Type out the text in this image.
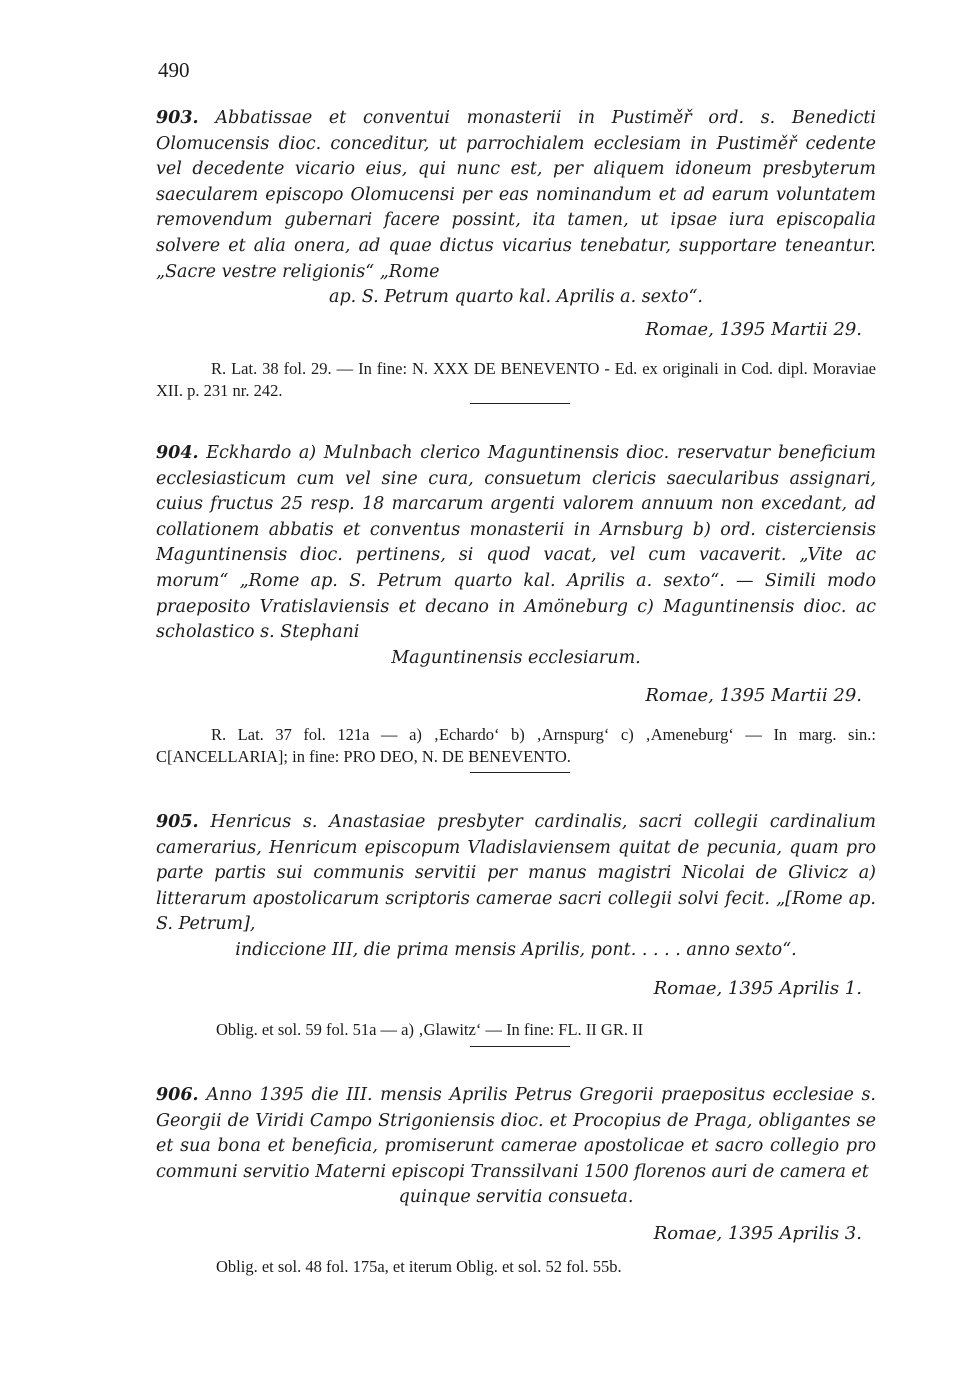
490
903. Abbatissae et conventui monasterii in Pustiměř ord. s. Benedicti Olomucensis dioc. conceditur, ut parrochialem ecclesiam in Pustiměř cedente vel decedente vicario eius, qui nunc est, per aliquem idoneum presbyterum saecularem episcopo Olomucensi per eas nominandum et ad earum voluntatem removendum gubernari facere possint, ita tamen, ut ipsae iura episcopalia solvere et alia onera, ad quae dictus vicarius tenebatur, supportare teneantur. „Sacre vestre religionis“ „Rome
ap. S. Petrum quarto kal. Aprilis a. sexto“.
Romae, 1395 Martii 29.
R. Lat. 38 fol. 29. — In fine: N. XXX DE BENEVENTO - Ed. ex originali in Cod. dipl. Moraviae XII. p. 231 nr. 242.
904. Eckhardo a) Mulnbach clerico Maguntinensis dioc. reservatur beneficium ecclesiasticum cum vel sine cura, consuetum clericis saecularibus assignari, cuius fructus 25 resp. 18 marcarum argenti valorem annuum non excedant, ad collationem abbatis et conventus monasterii in Arnsburg b) ord. cisterciensis Maguntinensis dioc. pertinens, si quod vacat, vel cum vacaverit. „Vite ac morum“ „Rome ap. S. Petrum quarto kal. Aprilis a. sexto“. — Simili modo praeposito Vratislaviensis et decano in Amöneburg c) Maguntinensis dioc. ac scholastico s. Stephani
Maguntinensis ecclesiarum.
Romae, 1395 Martii 29.
R. Lat. 37 fol. 121a — a) ‚Echardo‘ b) ‚Arnspurg‘ c) ‚Ameneburg‘ — In marg. sin.: C[ANCELLARIA]; in fine: PRO DEO, N. DE BENEVENTO.
905. Henricus s. Anastasiae presbyter cardinalis, sacri collegii cardinalium camerarius, Henricum episcopum Vladislaviensem quitat de pecunia, quam pro parte partis sui communis servitii per manus magistri Nicolai de Glivicz a) litterarum apostolicarum scriptoris camerae sacri collegii solvi fecit. „[Rome ap. S. Petrum],
indiccione III, die prima mensis Aprilis, pont. . . . . anno sexto“.
Romae, 1395 Aprilis 1.
Oblig. et sol. 59 fol. 51a — a) ‚Glawitz‘ — In fine: FL. II GR. II
906. Anno 1395 die III. mensis Aprilis Petrus Gregorii praepositus ecclesiae s. Georgii de Viridi Campo Strigoniensis dioc. et Procopius de Praga, obligantes se et sua bona et beneficia, promiserunt camerae apostolicae et sacro collegio pro communi servitio Materni episcopi Transsilvani 1500 florenos auri de camera et
quinque servitia consueta.
Romae, 1395 Aprilis 3.
Oblig. et sol. 48 fol. 175a, et iterum Oblig. et sol. 52 fol. 55b.
